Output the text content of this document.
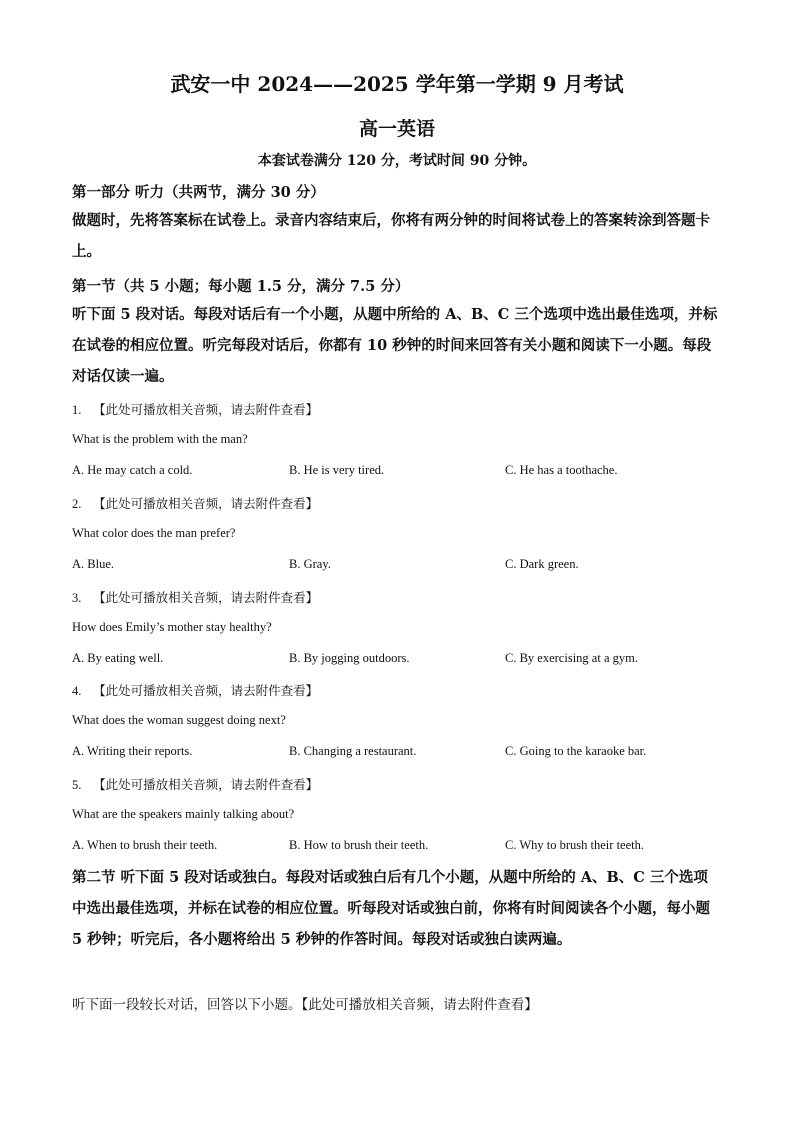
武安一中 2024——2025 学年第一学期 9 月考试
高一英语
本套试卷满分 120 分，考试时间 90 分钟。
第一部分 听力（共两节，满分 30 分）
做题时，先将答案标在试卷上。录音内容结束后，你将有两分钟的时间将试卷上的答案转涂到答题卡上。
第一节（共 5 小题；每小题 1.5 分，满分 7.5 分）
听下面 5 段对话。每段对话后有一个小题，从题中所给的 A、B、C 三个选项中选出最佳选项，并标在试卷的相应位置。听完每段对话后，你都有 10 秒钟的时间来回答有关小题和阅读下一小题。每段对话仅读一遍。
1. 【此处可播放相关音频，请去附件查看】
What is the problem with the man?
A. He may catch a cold.	B. He is very tired.	C. He has a toothache.
2. 【此处可播放相关音频，请去附件查看】
What color does the man prefer?
A. Blue.	B. Gray.	C. Dark green.
3. 【此处可播放相关音频，请去附件查看】
How does Emily’s mother stay healthy?
A. By eating well.	B. By jogging outdoors.	C. By exercising at a gym.
4. 【此处可播放相关音频，请去附件查看】
What does the woman suggest doing next?
A. Writing their reports.	B. Changing a restaurant.	C. Going to the karaoke bar.
5. 【此处可播放相关音频，请去附件查看】
What are the speakers mainly talking about?
A. When to brush their teeth.	B. How to brush their teeth.	C. Why to brush their teeth.
第二节 听下面 5 段对话或独白。每段对话或独白后有几个小题，从题中所给的 A、B、C 三个选项中选出最佳选项，并标在试卷的相应位置。听每段对话或独白前，你将有时间阅读各个小题，每小题 5 秒钟；听完后，各小题将给出 5 秒钟的作答时间。每段对话或独白读两遍。
听下面一段较长对话，回答以下小题。【此处可播放相关音频，请去附件查看】
